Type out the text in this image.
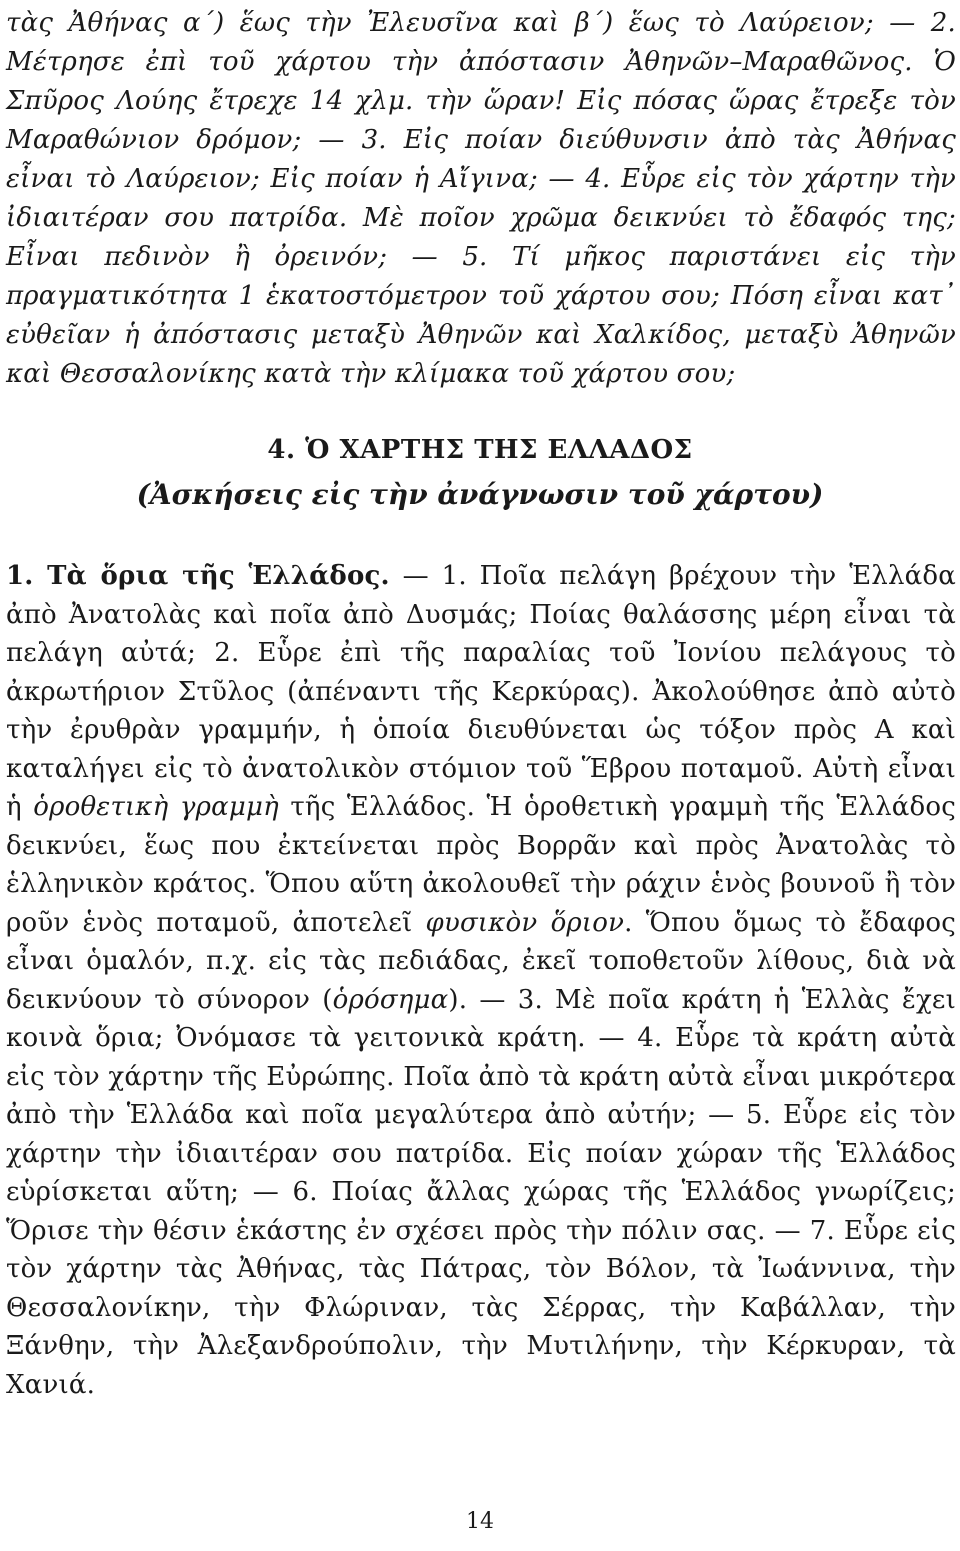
τὰς Ἀθήνας α΄) ἕως τὴν Ἐλευσῖνα καὶ β΄) ἕως τὸ Λαύρειον; — 2. Μέτρησε ἐπὶ τοῦ χάρτου τὴν ἀπόστασιν Ἀθηνῶν–Μαραθῶνος. Ὁ Σπῦρος Λούης ἔτρεχε 14 χλμ. τὴν ὥραν! Εἰς πόσας ὥρας ἔτρεξε τὸν Μαραθώνιον δρόμον; — 3. Εἰς ποίαν διεύθυνσιν ἀπὸ τὰς Ἀθήνας εἶναι τὸ Λαύρειον; Εἰς ποίαν ἡ Αἴγινα; — 4. Εὗρε εἰς τὸν χάρτην τὴν ἰδιαιτέραν σου πατρίδα. Μὲ ποῖον χρῶμα δεικνύει τὸ ἔδαφός της; Εἶναι πεδινὸν ἢ ὀρεινόν; — 5. Τί μῆκος παριστάνει εἰς τὴν πραγματικότητα 1 ἑκατοστόμετρον τοῦ χάρτου σου; Πόση εἶναι κατ᾽ εὐθεῖαν ἡ ἀπόστασις μεταξὺ Ἀθηνῶν καὶ Χαλκίδος, μεταξὺ Ἀθηνῶν καὶ Θεσσαλονίκης κατὰ τὴν κλίμακα τοῦ χάρτου σου;

4. Ὁ ΧΑΡΤΗΣ ΤΗΣ ΕΛΛΑΔΟΣ
(Ἀσκήσεις εἰς τὴν ἀνάγνωσιν τοῦ χάρτου)

1. Τὰ ὅρια τῆς Ἑλλάδος. — 1. Ποῖα πελάγη βρέχουν τὴν Ἑλλάδα ἀπὸ Ἀνατολὰς καὶ ποῖα ἀπὸ Δυσμάς; Ποίας θαλάσσης μέρη εἶναι τὰ πελάγη αὐτά; 2. Εὗρε ἐπὶ τῆς παραλίας τοῦ Ἰονίου πελάγους τὸ ἀκρωτήριον Στῦλος (ἀπέναντι τῆς Κερκύρας). Ἀκολούθησε ἀπὸ αὐτὸ τὴν ἐρυθρὰν γραμμήν, ἡ ὁποία διευθύνεται ὡς τόξον πρὸς Α καὶ καταλήγει εἰς τὸ ἀνατολικὸν στόμιον τοῦ Ἕβρου ποταμοῦ. Αὐτὴ εἶναι ἡ ὁροθετικὴ γραμμὴ τῆς Ἑλλάδος. Ἡ ὁροθετικὴ γραμμὴ τῆς Ἑλλάδος δεικνύει, ἕως που ἐκτείνεται πρὸς Βορρᾶν καὶ πρὸς Ἀνατολὰς τὸ ἑλληνικὸν κράτος. Ὅπου αὕτη ἀκολουθεῖ τὴν ράχιν ἑνὸς βουνοῦ ἢ τὸν ροῦν ἑνὸς ποταμοῦ, ἀποτελεῖ φυσικὸν ὅριον. Ὅπου ὅμως τὸ ἔδαφος εἶναι ὁμαλόν, π.χ. εἰς τὰς πεδιάδας, ἐκεῖ τοποθετοῦν λίθους, διὰ νὰ δεικνύουν τὸ σύνορον (ὁρόσημα). — 3. Μὲ ποῖα κράτη ἡ Ἑλλὰς ἔχει κοινὰ ὅρια; Ὀνόμασε τὰ γειτονικὰ κράτη. — 4. Εὗρε τὰ κράτη αὐτὰ εἰς τὸν χάρτην τῆς Εὐρώπης. Ποῖα ἀπὸ τὰ κράτη αὐτὰ εἶναι μικρότερα ἀπὸ τὴν Ἑλλάδα καὶ ποῖα μεγαλύτερα ἀπὸ αὐτήν; — 5. Εὗρε εἰς τὸν χάρτην τὴν ἰδιαιτέραν σου πατρίδα. Εἰς ποίαν χώραν τῆς Ἑλλάδος εὑρίσκεται αὕτη; — 6. Ποίας ἄλλας χώρας τῆς Ἑλλάδος γνωρίζεις; Ὅρισε τὴν θέσιν ἑκάστης ἐν σχέσει πρὸς τὴν πόλιν σας. — 7. Εὗρε εἰς τὸν χάρτην τὰς Ἀθήνας, τὰς Πάτρας, τὸν Βόλον, τὰ Ἰωάννινα, τὴν Θεσσαλονίκην, τὴν Φλώριναν, τὰς Σέρρας, τὴν Καβάλλαν, τὴν Ξάνθην, τὴν Ἀλεξανδρούπολιν, τὴν Μυτιλήνην, τὴν Κέρκυραν, τὰ Χανιά.

14
